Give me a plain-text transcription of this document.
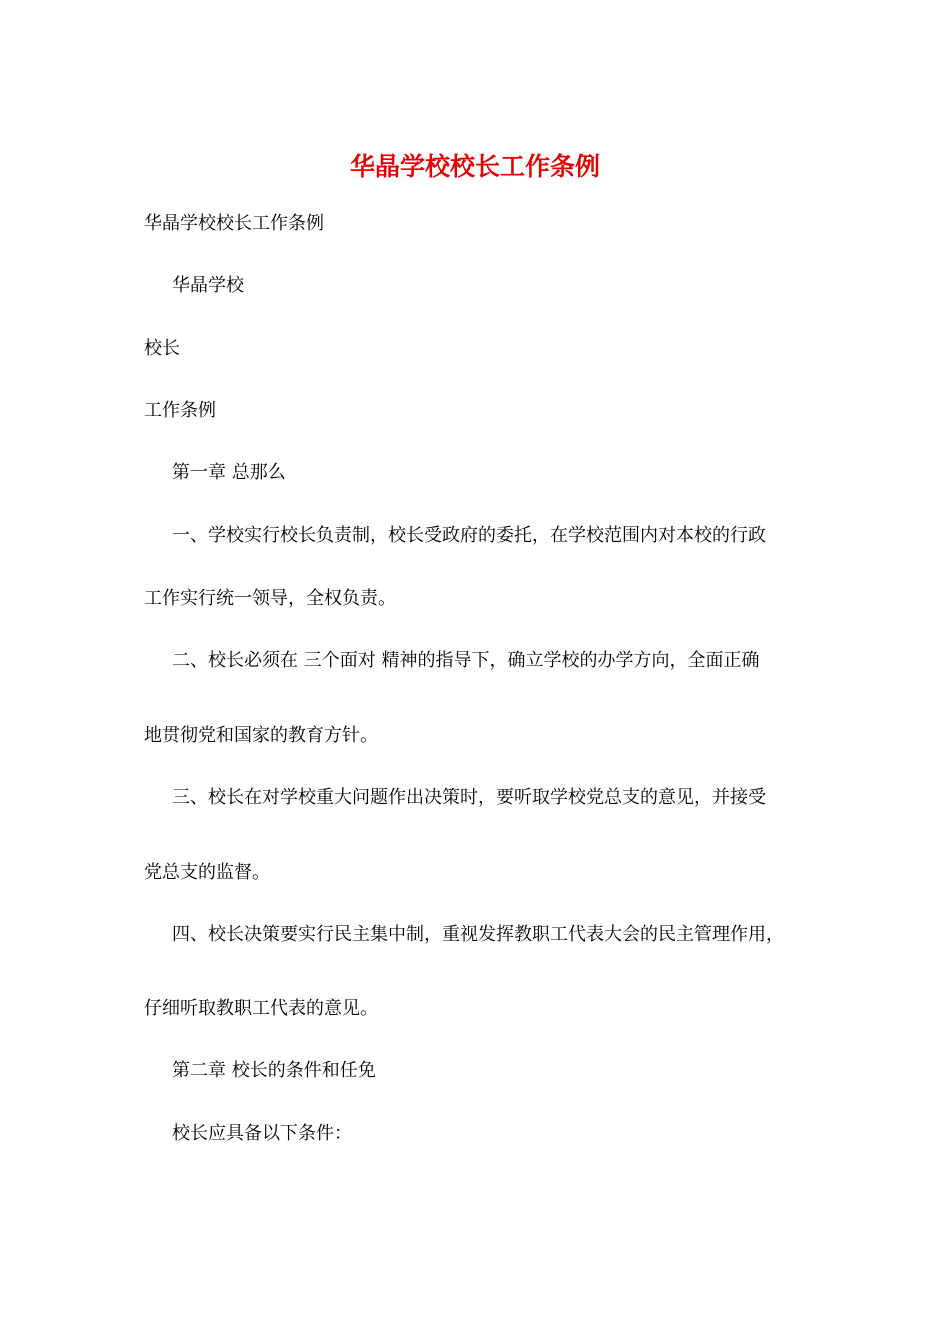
华晶学校校长工作条例

华晶学校校长工作条例

华晶学校

校长

工作条例

第一章 总那么

一、学校实行校长负责制，校长受政府的委托，在学校范围内对本校的行政

工作实行统一领导，全权负责。

二、校长必须在 三个面对 精神的指导下，确立学校的办学方向，全面正确

地贯彻党和国家的教育方针。

三、校长在对学校重大问题作出决策时，要听取学校党总支的意见，并接受

党总支的监督。

四、校长决策要实行民主集中制，重视发挥教职工代表大会的民主管理作用，

仔细听取教职工代表的意见。

第二章 校长的条件和任免

校长应具备以下条件：
